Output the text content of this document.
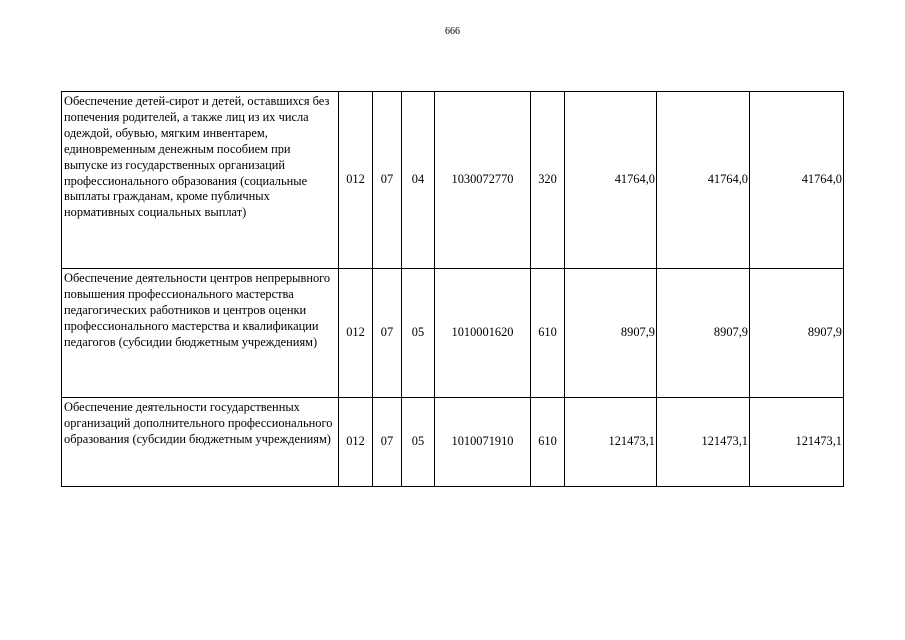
666
Обеспечение детей-сирот и детей, оставшихся без попечения родителей, а также лиц из их числа одеждой, обувью, мягким инвентарем, единовременным денежным пособием при выпуске из государственных организаций профессионального образования (социальные выплаты гражданам, кроме публичных нормативных социальных выплат)	012	07	04	1030072770	320	41764,0	41764,0	41764,0
Обеспечение деятельности центров непрерывного повышения профессионального мастерства педагогических работников и центров оценки профессионального мастерства и квалификации педагогов (субсидии бюджетным учреждениям)	012	07	05	1010001620	610	8907,9	8907,9	8907,9
Обеспечение деятельности государственных организаций дополнительного профессионального образования (субсидии бюджетным учреждениям)	012	07	05	1010071910	610	121473,1	121473,1	121473,1
